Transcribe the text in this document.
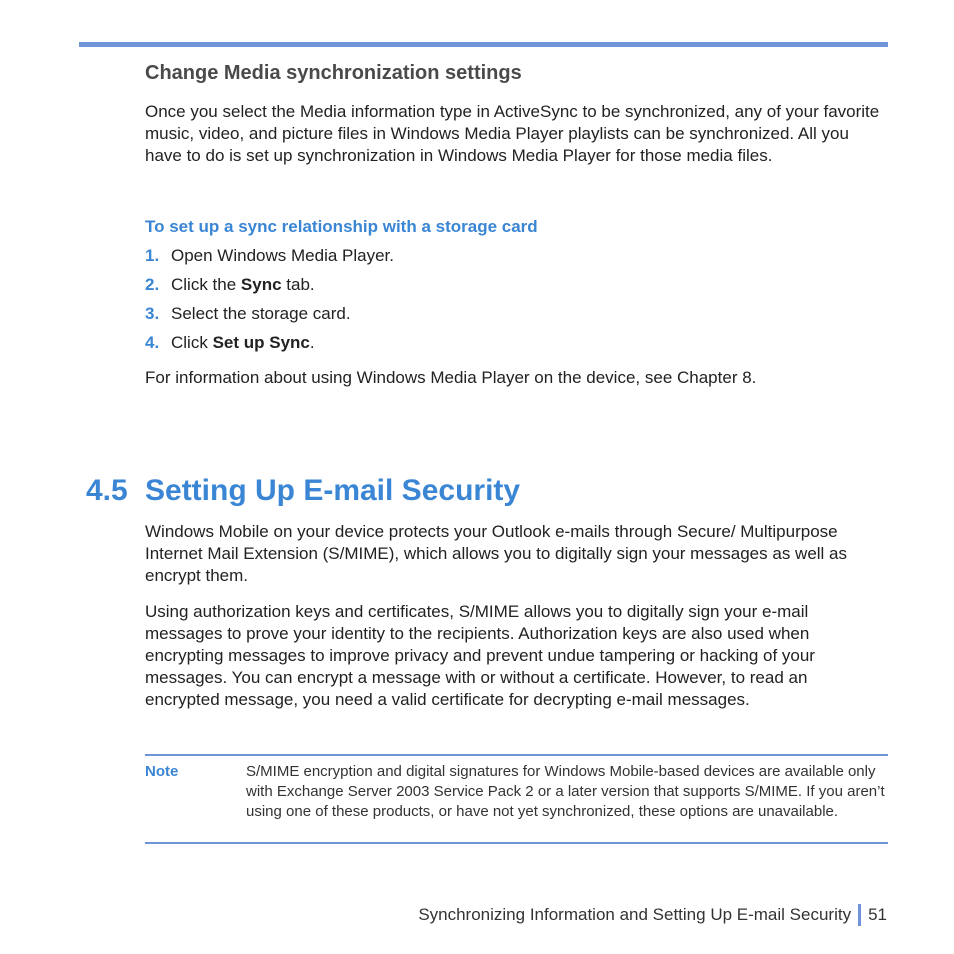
Change Media synchronization settings

Once you select the Media information type in ActiveSync to be synchronized, any of your favorite music, video, and picture files in Windows Media Player playlists can be synchronized. All you have to do is set up synchronization in Windows Media Player for those media files.

To set up a sync relationship with a storage card

1. Open Windows Media Player.
2. Click the Sync tab.
3. Select the storage card.
4. Click Set up Sync.

For information about using Windows Media Player on the device, see Chapter 8.

4.5 Setting Up E-mail Security

Windows Mobile on your device protects your Outlook e-mails through Secure/ Multipurpose Internet Mail Extension (S/MIME), which allows you to digitally sign your messages as well as encrypt them.

Using authorization keys and certificates, S/MIME allows you to digitally sign your e-mail messages to prove your identity to the recipients. Authorization keys are also used when encrypting messages to improve privacy and prevent undue tampering or hacking of your messages. You can encrypt a message with or without a certificate. However, to read an encrypted message, you need a valid certificate for decrypting e-mail messages.

Note	S/MIME encryption and digital signatures for Windows Mobile-based devices are available only with Exchange Server 2003 Service Pack 2 or a later version that supports S/MIME. If you aren’t using one of these products, or have not yet synchronized, these options are unavailable.

Synchronizing Information and Setting Up E-mail Security 51
